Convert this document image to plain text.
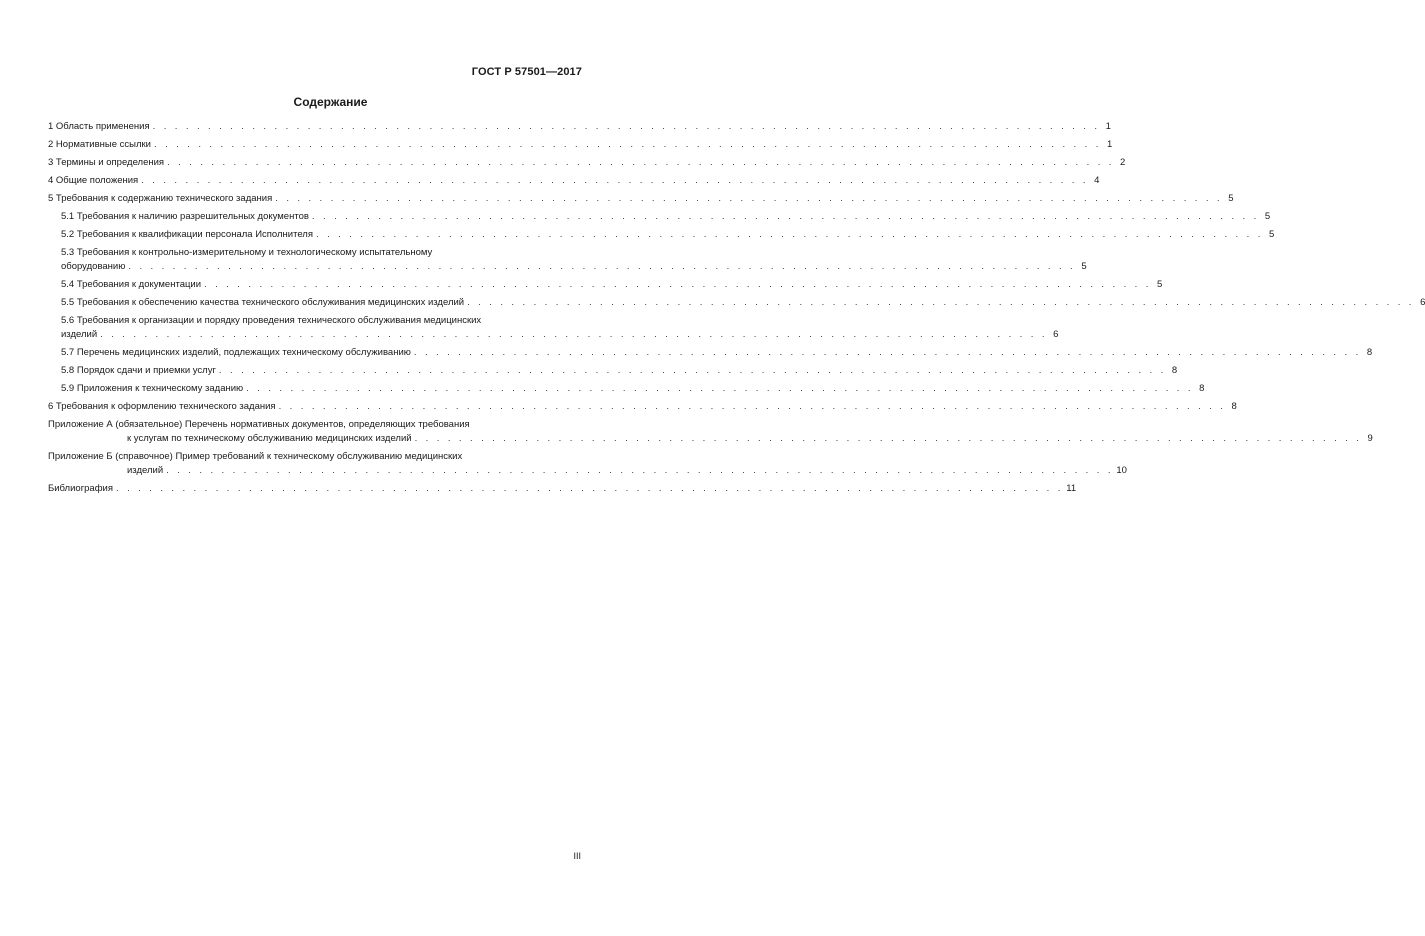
ГОСТ Р 57501—2017
Содержание
1 Область применения . . . . . . . . . . . . . . . . . . . . . . . . . . . . . . . . . . . . . . . . . . . . . . . . . . . . . . . . . . . . . . . . . . . . . . . . . . . . . . . . . . . . . . 1
2 Нормативные ссылки . . . . . . . . . . . . . . . . . . . . . . . . . . . . . . . . . . . . . . . . . . . . . . . . . . . . . . . . . . . . . . . . . . . . . . . . . . . . . . . . . . . . . . 1
3 Термины и определения . . . . . . . . . . . . . . . . . . . . . . . . . . . . . . . . . . . . . . . . . . . . . . . . . . . . . . . . . . . . . . . . . . . . . . . . . . . . . . . . . . . . . . 2
4 Общие положения . . . . . . . . . . . . . . . . . . . . . . . . . . . . . . . . . . . . . . . . . . . . . . . . . . . . . . . . . . . . . . . . . . . . . . . . . . . . . . . . . . . . . . 4
5 Требования к содержанию технического задания . . . . . . . . . . . . . . . . . . . . . . . . . . . . . . . . . . . . . . . . . . . . . . . . . . . . . . . . . . . . . . . . . . . . . . . . . . . . . . . . . . . . . . 5
5.1 Требования к наличию разрешительных документов . . . . . . . . . . . . . . . . . . . . . . . . . . . . . . . . . . . . . . . . . . . . . . . . . . . . . . . . . . . . . . . . . . . . . . . . . . . . . . . . . . . . . . 5
5.2 Требования к квалификации персонала Исполнителя . . . . . . . . . . . . . . . . . . . . . . . . . . . . . . . . . . . . . . . . . . . . . . . . . . . . . . . . . . . . . . . . . . . . . . . . . . . . . . . . . . . . . . 5
5.3 Требования к контрольно-измерительному и технологическому испытательному
оборудованию . . . . . . . . . . . . . . . . . . . . . . . . . . . . . . . . . . . . . . . . . . . . . . . . . . . . . . . . . . . . . . . . . . . . . . . . . . . . . . . . . . . . . . 5
5.4 Требования к документации . . . . . . . . . . . . . . . . . . . . . . . . . . . . . . . . . . . . . . . . . . . . . . . . . . . . . . . . . . . . . . . . . . . . . . . . . . . . . . . . . . . . . . 5
5.5 Требования к обеспечению качества технического обслуживания медицинских изделий . . . . . . . . . . . . . . . . . . . . . . . . . . . . . . . . . . . . . . . . . . . . . . . . . . . . . . . . . . . . . . . . . . . . . . . . . . . . . . . . . . . . . . 6
5.6 Требования к организации и порядку проведения технического обслуживания медицинских
изделий . . . . . . . . . . . . . . . . . . . . . . . . . . . . . . . . . . . . . . . . . . . . . . . . . . . . . . . . . . . . . . . . . . . . . . . . . . . . . . . . . . . . . . 6
5.7 Перечень медицинских изделий, подлежащих техническому обслуживанию . . . . . . . . . . . . . . . . . . . . . . . . . . . . . . . . . . . . . . . . . . . . . . . . . . . . . . . . . . . . . . . . . . . . . . . . . . . . . . . . . . . . . . 8
5.8 Порядок сдачи и приемки услуг . . . . . . . . . . . . . . . . . . . . . . . . . . . . . . . . . . . . . . . . . . . . . . . . . . . . . . . . . . . . . . . . . . . . . . . . . . . . . . . . . . . . . . 8
5.9 Приложения к техническому заданию . . . . . . . . . . . . . . . . . . . . . . . . . . . . . . . . . . . . . . . . . . . . . . . . . . . . . . . . . . . . . . . . . . . . . . . . . . . . . . . . . . . . . . 8
6 Требования к оформлению технического задания . . . . . . . . . . . . . . . . . . . . . . . . . . . . . . . . . . . . . . . . . . . . . . . . . . . . . . . . . . . . . . . . . . . . . . . . . . . . . . . . . . . . . . 8
Приложение А (обязательное) Перечень нормативных документов, определяющих требования
к услугам по техническому обслуживанию медицинских изделий . . . . . . . . . . . . . . . . . . . . . . . . . . . . . . . . . . . . . . . . . . . . . . . . . . . . . . . . . . . . . . . . . . . . . . . . . . . . . . . . . . . . . . 9
Приложение Б (справочное) Пример требований к техническому обслуживанию медицинских
изделий . . . . . . . . . . . . . . . . . . . . . . . . . . . . . . . . . . . . . . . . . . . . . . . . . . . . . . . . . . . . . . . . . . . . . . . . . . . . . . . . . . . . . . 10
Библиография . . . . . . . . . . . . . . . . . . . . . . . . . . . . . . . . . . . . . . . . . . . . . . . . . . . . . . . . . . . . . . . . . . . . . . . . . . . . . . . . . . . . . . 11
III
